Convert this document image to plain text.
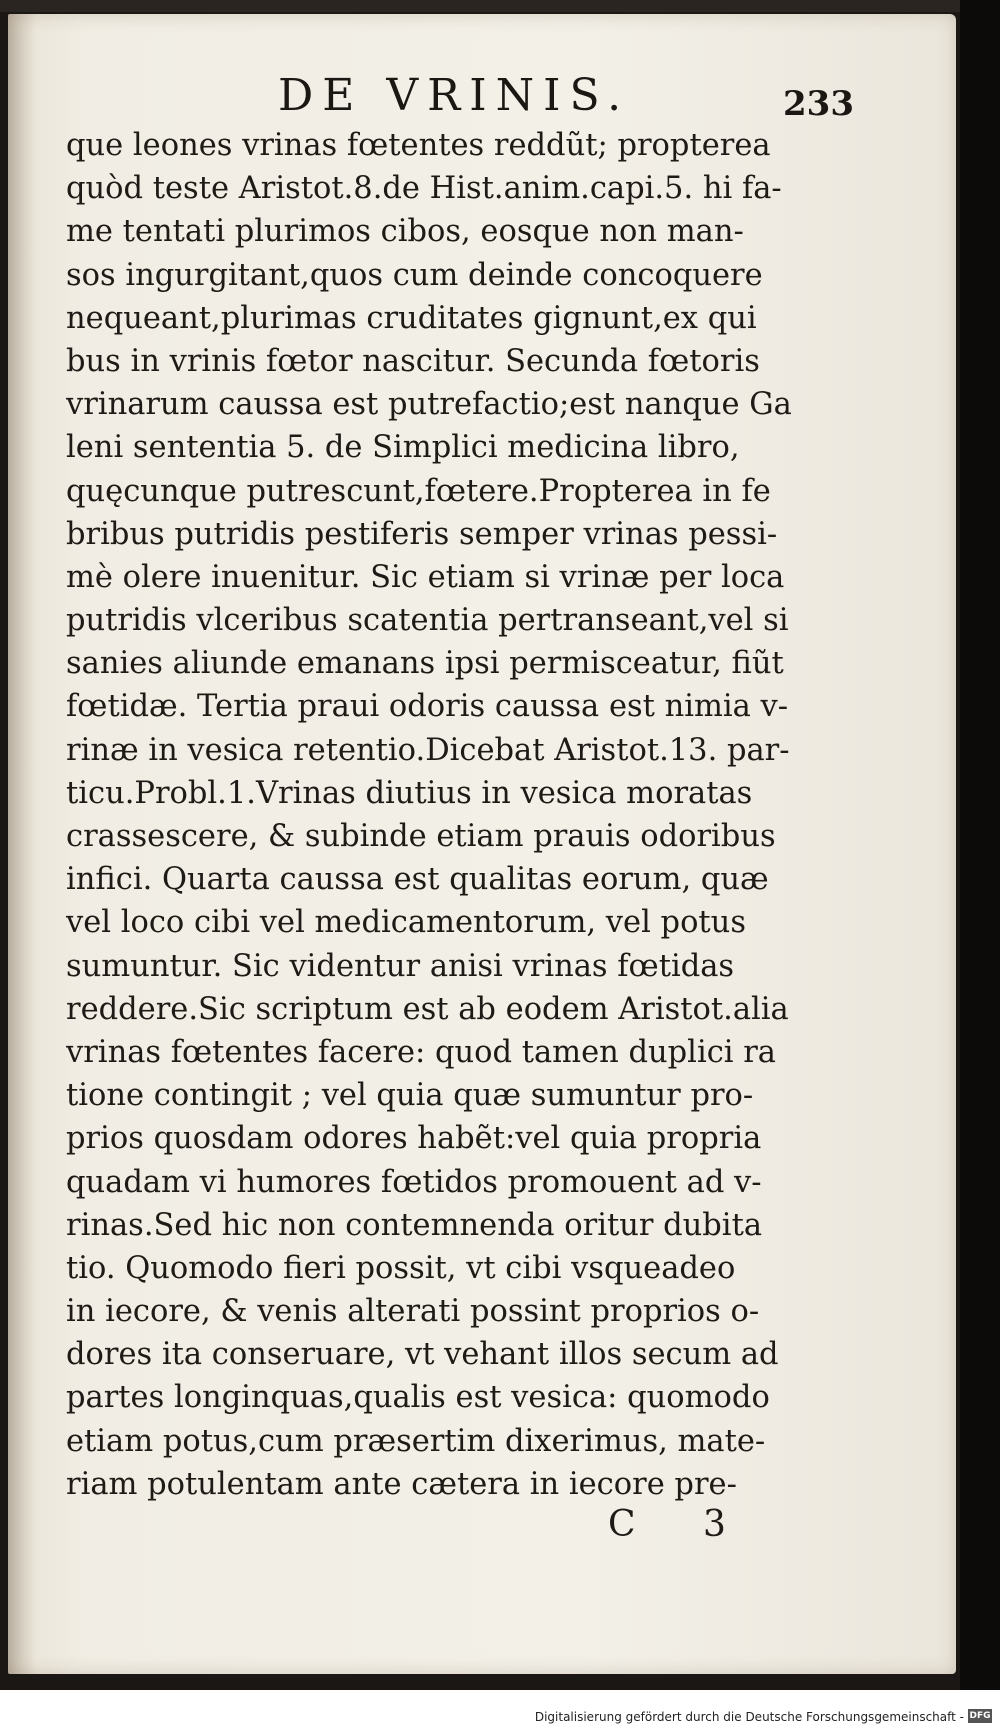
DE VRINIS.	233
que leones vrinas fœtentes reddũt; propterea
quòd teste Aristot.8.de Hist.anim.capi.5. hi fa-
me tentati plurimos cibos, eosque non man-
sos ingurgitant,quos cum deinde concoquere
nequeant,plurimas cruditates gignunt,ex qui
bus in vrinis fœtor nascitur. Secunda fœtoris
vrinarum caussa est putrefactio;est nanque Ga
leni sententia 5. de Simplici medicina libro,
quęcunque putrescunt,fœtere.Propterea in fe
bribus putridis pestiferis semper vrinas pessi-
mè olere inuenitur. Sic etiam si vrinæ per loca
putridis vlceribus scatentia pertranseant,vel si
sanies aliunde emanans ipsi permisceatur, fiũt
fœtidæ. Tertia praui odoris caussa est nimia v-
rinæ in vesica retentio.Dicebat Aristot.13. par-
ticu.Probl.1.Vrinas diutius in vesica moratas
crassescere, & subinde etiam prauis odoribus
infici. Quarta caussa est qualitas eorum, quæ
vel loco cibi vel medicamentorum, vel potus
sumuntur. Sic videntur anisi vrinas fœtidas
reddere.Sic scriptum est ab eodem Aristot.alia
vrinas fœtentes facere: quod tamen duplici ra
tione contingit ; vel quia quæ sumuntur pro-
prios quosdam odores habẽt:vel quia propria
quadam vi humores fœtidos promouent ad v-
rinas.Sed hic non contemnenda oritur dubita
tio. Quomodo fieri possit, vt cibi vsqueadeo
in iecore, & venis alterati possint proprios o-
dores ita conseruare, vt vehant illos secum ad
partes longinquas,qualis est vesica: quomodo
etiam potus,cum præsertim dixerimus, mate-
riam potulentam ante cætera in iecore pre-
C 3
Digitalisierung gefördert durch die Deutsche Forschungsgemeinschaft - DFG
